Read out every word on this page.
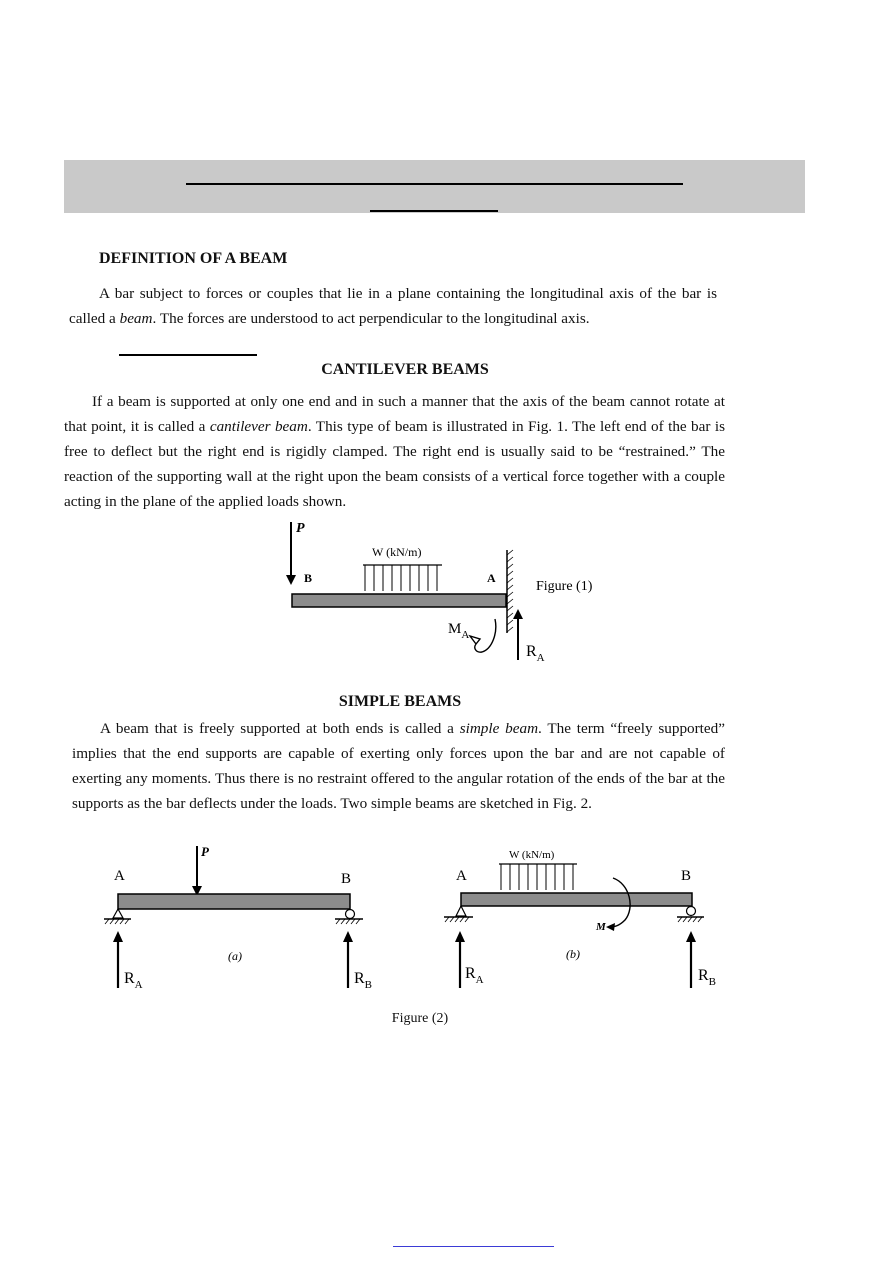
DEFINITION OF A BEAM

A bar subject to forces or couples that lie in a plane containing the longitudinal axis of the bar is called a beam. The forces are understood to act perpendicular to the longitudinal axis.

CANTILEVER BEAMS

If a beam is supported at only one end and in such a manner that the axis of the beam cannot rotate at that point, it is called a cantilever beam. This type of beam is illustrated in Fig. 1. The left end of the bar is free to deflect but the right end is rigidly clamped. The right end is usually said to be “restrained.” The reaction of the supporting wall at the right upon the beam consists of a vertical force together with a couple acting in the plane of the applied loads shown.

P
W (kN/m)
B	A
Figure (1)
$M_A$
$R_A$
SIMPLE BEAMS

A beam that is freely supported at both ends is called a simple beam. The term “freely supported” implies that the end supports are capable of exerting only forces upon the bar and are not capable of exerting any moments. Thus there is no restraint offered to the angular rotation of the ends of the bar at the supports as the bar deflects under the loads. Two simple beams are sketched in Fig. 2.

P
A	B
(a)
$R_A$	$R_B$
W (kN/m)
A	B
M
(b)
$R_A$	$R_B$
Figure (2)
